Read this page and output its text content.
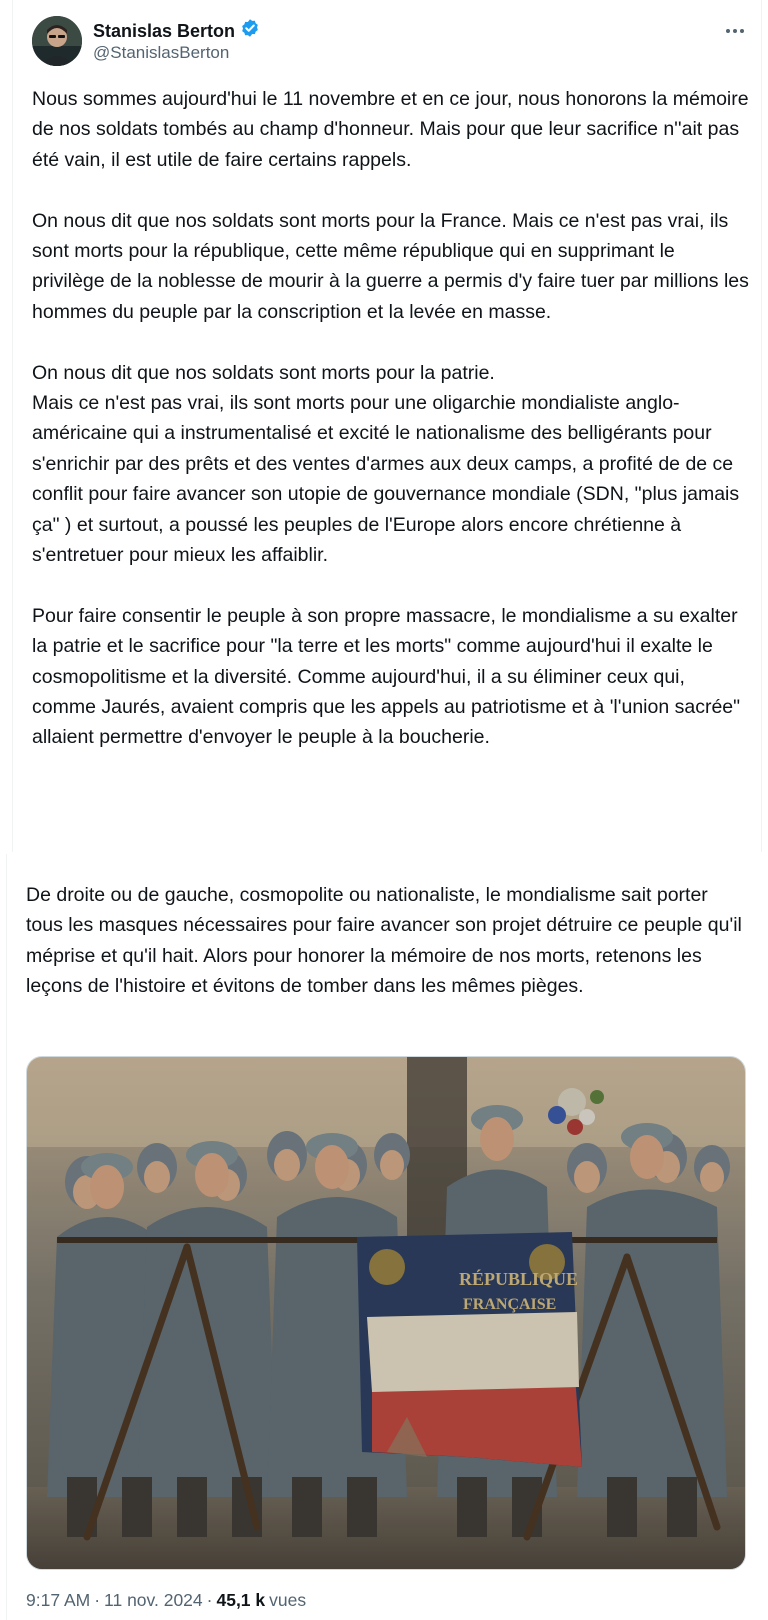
Stanislas Berton
@StanislasBerton

Nous sommes aujourd'hui le 11 novembre et en ce jour, nous honorons la mémoire de nos soldats tombés au champ d'honneur. Mais pour que leur sacrifice n''ait pas été vain, il est utile de faire certains rappels.

On nous dit que nos soldats sont morts pour la France. Mais ce n'est pas vrai, ils sont morts pour la république, cette même république qui en supprimant le privilège de la noblesse de mourir à la guerre a permis d'y faire tuer par millions les hommes du peuple par la conscription et la levée en masse.

On nous dit que nos soldats sont morts pour la patrie.
Mais ce n'est pas vrai, ils sont morts pour une oligarchie mondialiste anglo-américaine qui a instrumentalisé et excité le nationalisme des belligérants pour s'enrichir par des prêts et des ventes d'armes aux deux camps, a profité de de ce conflit pour faire avancer son utopie de gouvernance mondiale (SDN, "plus jamais ça" ) et surtout, a poussé les peuples de l'Europe alors encore chrétienne à s'entretuer pour mieux les affaiblir.

Pour faire consentir le peuple à son propre massacre, le mondialisme a su exalter la patrie et le sacrifice pour "la terre et les morts" comme aujourd'hui il exalte le cosmopolitisme et la diversité. Comme aujourd'hui, il a su éliminer ceux qui, comme Jaurés, avaient compris que les appels au patriotisme et à 'l'union sacrée" allaient permettre d'envoyer le peuple à la boucherie.

De droite ou de gauche, cosmopolite ou nationaliste, le mondialisme sait porter tous les masques nécessaires pour faire avancer son projet détruire ce peuple qu'il méprise et qu'il hait. Alors pour honorer la mémoire de nos morts, retenons les leçons de l'histoire et évitons de tomber dans les mêmes pièges.

RÉPUBLIQUE
FRANÇAISE
9:17 AM · 11 nov. 2024 · 45,1 k vues
